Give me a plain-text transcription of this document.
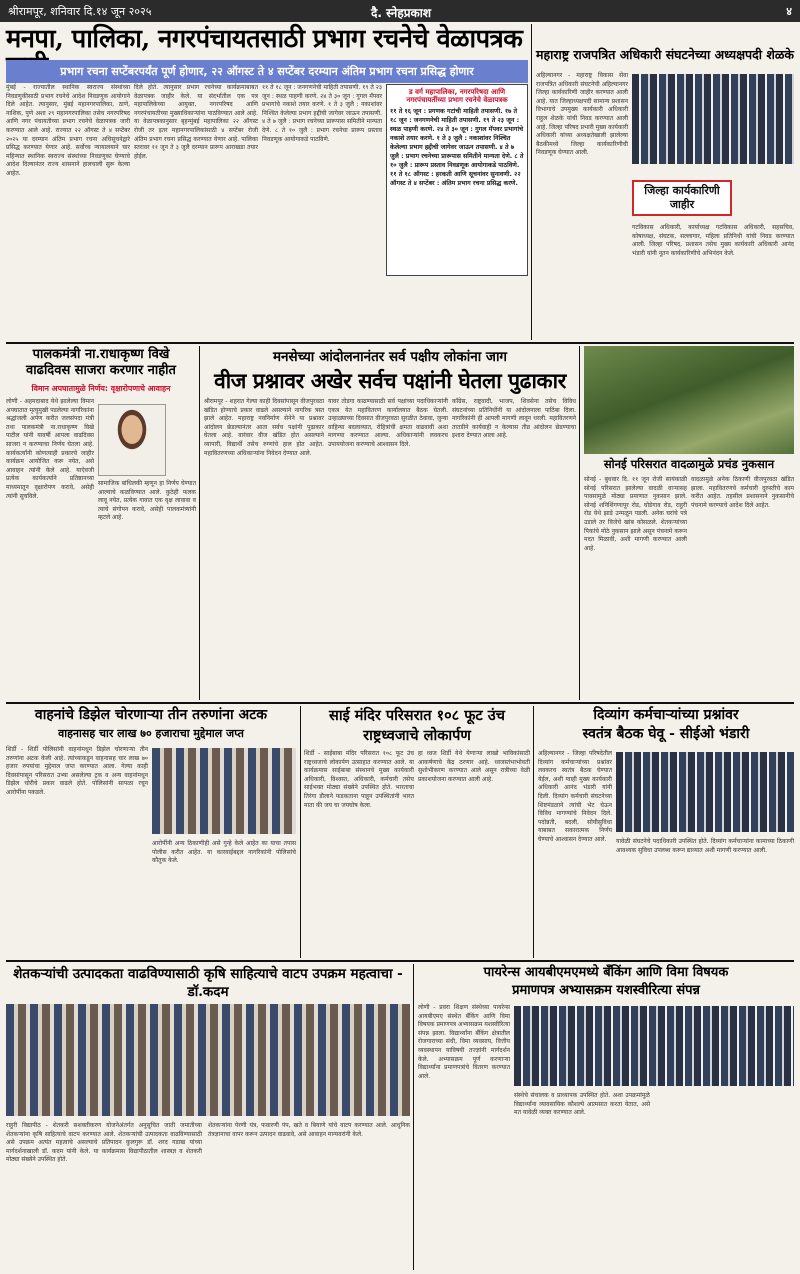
श्रीरामपूर, शनिवार दि.१४ जून २०२५	दै. स्नेहप्रकाश	४
मनपा, पालिका, नगरपंचायतसाठी प्रभाग रचनेचे वेळापत्रक
प्रभाग रचना सप्टेंबरपर्यंत पूर्ण होणार, २२ ऑगस्ट ते ४ सप्टेंबर दरम्यान अंतिम प्रभाग रचना प्रसिद्ध होणार

मुंबई - राज्यातील स्थानिक स्वराज्य संस्थांच्या निवडणुकीसाठी प्रभाग रचनेचे आदेश निवडणूक आयोगाने दिले आहेत. त्यानुसार, मुंबई महानगरपालिका, ठाणे, नाशिक, पुणे अशा २९ महानगरपालिका तसेच नगरपरिषद आणि नगर पंचायतीच्या प्रभाग रचनेचे वेळापत्रक जारी करण्यात आले आहे. राज्यात २२ ऑगस्ट ते ४ सप्टेंबर २०२५ या दरम्यान अंतिम प्रभाग रचना अधिसूचनेद्वारे प्रसिद्ध करण्यात येणार आहे. सर्वोच्च न्यायालयाने चार महिन्यात स्थानिक स्वराज्य संस्थांच्या निवडणुका घेण्याचे आदेश दिल्यानंतर राज्य शासनाने हालचाली सुरू केल्या आहेत.

दिले होते. त्यानुसार प्रभाग रचनेच्या कार्यक्रमाबाबत वेळापत्रक जाहीर केले. या संदर्भातील एक पत्र महापालिकेच्या आयुक्त, नगरपरिषद आणि नगरपंचायतीच्या मुख्याधिकाऱ्यांना पाठविण्यात आले आहे. या वेळापत्रकानुसार बृहन्मुंबई महापालिका २२ ऑगस्ट रोजी तर इतर महानगरपालिकांसाठी ४ सप्टेंबर रोजी अंतिम प्रभाग रचना प्रसिद्ध करण्यात येणार आहे. पालिका स्तरावर ११ जून ते ३ जुलै दरम्यान प्रारूप आराखडा तयार होईल.

११ ते १८ जून : जनगणनेची माहिती तपासणी. १९ ते २३ जून : स्थळ पाहणी करणे. २४ ते ३० जून : गुगल मॅपवर प्रभागांचे नकाशे तयार करणे. १ ते ३ जुलै : नकाशांवर निश्चित केलेल्या प्रभाग हद्दीची जागेवर जाऊन तपासणी. ४ ते ७ जुलै : प्रभाग रचनेच्या प्रारूपास समितीने मान्यता देणे. ८ ते १० जुलै : प्रभाग रचनेचा प्रारूप प्रस्ताव निवडणूक आयोगाकडे पाठविणे.

ड वर्ग महापालिका, नगरपरिषदा आणि नगरपंचायतींच्या प्रभाग रचनेचे वेळापत्रक
११ ते १६ जून : प्रगणक गटांची माहिती तपासणी. १७ ते १८ जून : जनगणनेची माहिती तपासणी. १९ ते २३ जून : स्थळ पाहणी करणे. २४ ते ३० जून : गुगल मॅपवर प्रभागांचे नकाशे तयार करणे. १ ते ३ जुलै : नकाशांवर निश्चित केलेल्या प्रभाग हद्दीची जागेवर जाऊन तपासणी. ४ ते ७ जुलै : प्रभाग रचनेच्या प्रारूपास समितीने मान्यता देणे. ८ ते १० जुलै : प्रारूप प्रस्ताव निवडणूक आयोगाकडे पाठविणे. ११ ते १८ ऑगस्ट : हरकती आणि सूचनांवर सुनावणी. २२ ऑगस्ट ते ४ सप्टेंबर : अंतिम प्रभाग रचना प्रसिद्ध करणे.
महाराष्ट्र राजपत्रित अधिकारी संघटनेच्या अध्यक्षपदी शेळके

अहिल्यानगर - महाराष्ट्र विकास सेवा राजपत्रित अधिकारी संघटनेची अहिल्यानगर जिल्हा कार्यकारिणी जाहीर करण्यात आली आहे. यात जिल्हाध्यक्षपदी सामान्य प्रशासन विभागाचे उपमुख्य कार्यकारी अधिकारी राहुल शेळके यांची निवड करण्यात आली आहे. जिल्हा परिषद प्रभारी मुख्य कार्यकारी अधिकारी यांच्या अध्यक्षतेखाली झालेल्या बैठकीमध्ये जिल्हा कार्यकारिणीची निवडणूक घेण्यात आली.

जिल्हा कार्यकारिणी जाहीर

गटविकास अधिकारी, कार्याध्यक्ष गटविकास अधिकारी, सहसचिव, कोषाध्यक्ष, संघटक, सल्लागार, महिला प्रतिनिधी यांची निवड करण्यात आली. जिल्हा परिषद, प्रशासन तसेच मुख्य कार्यकारी अधिकारी आनंद भंडारी यांनी नूतन कार्यकारिणीचे अभिनंदन केले.

पालकमंत्री ना.राधाकृष्ण विखे
वाढदिवस साजरा करणार नाहीत
विमान अपघातामुळे निर्णय: वृक्षारोपणाचे आवाहन

लोणी - अहमदाबाद येथे झालेल्या विमान अपघातात मृत्युमुखी पडलेल्या नागरिकांना श्रद्धांजली अर्पण करीत जलसंपदा मंत्री तथा पालकमंत्री ना.राधाकृष्ण विखे पाटील यांनी यावर्षी आपला वाढदिवस साजरा न करण्याचा निर्णय घेतला आहे. कार्यकर्त्यांनी कोणत्याही प्रकारचे जाहीर कार्यक्रम आयोजित करू नयेत, असे आवाहन त्यांनी केले आहे. याऐवजी प्रत्येक कार्यकर्त्याने प्रतिष्ठानच्या माध्यमातून वृक्षारोपण करावे, असेही त्यांनी सुचविले.

सामाजिक बांधिलकी म्हणून हा निर्णय घेण्यात आल्याचे कळविण्यात आले. कुठेही फलक लावू नयेत, प्रत्येक गावात एक वृक्ष लावावा व त्याचे संगोपन करावे, असेही पालकमंत्र्यांनी म्हटले आहे.

मनसेच्या आंदोलनानंतर सर्व पक्षीय लोकांना जाग
वीज प्रश्नावर अखेर सर्वच पक्षांनी घेतला पुढाकार

श्रीरामपूर - शहरात गेल्या काही दिवसांपासून वीजपुरवठा खंडित होण्याचे प्रकार वाढले असल्याने नागरिक त्रस्त झाले आहेत. महाराष्ट्र नवनिर्माण सेनेने या प्रश्नावर आंदोलन छेडल्यानंतर आता सर्वच पक्षांनी पुढाकार घेतला आहे. वारंवार वीज खंडित होत असल्याने व्यापारी, विद्यार्थी तसेच रुग्णांचे हाल होत आहेत. महावितरणच्या अधिकाऱ्यांना निवेदन देण्यात आले.

यावर तोडगा काढण्यासाठी सर्व पक्षांच्या पदाधिकाऱ्यांनी एकत्र येत महावितरण कार्यालयात बैठक घेतली. उन्हाळ्याच्या दिवसात वीजपुरवठा सुरळीत ठेवावा, जुन्या वाहिन्या बदलाव्यात, रोहित्रांची क्षमता वाढवावी अशा मागण्या करण्यात आल्या. अधिकाऱ्यांनी लवकरच उपाययोजना करण्याचे आश्वासन दिले.

कॉंग्रेस, राष्ट्रवादी, भाजप, शिवसेना तसेच विविध संघटनांच्या प्रतिनिधींनी या आंदोलनाला पाठिंबा दिला. नागरिकांनी ही आपली मागणी लावून धरली. महावितरणने तातडीने कार्यवाही न केल्यास तीव्र आंदोलन छेडण्याचा इशारा देण्यात आला आहे.

सोनई परिसरात वादळामुळे प्रचंड नुकसान

सोनई - बुधवार दि. ११ जून रोजी सायंकाळी सोनई परिसरात झालेल्या वादळी वाऱ्यासह पावसामुळे मोठ्या प्रमाणात नुकसान झाले. सोनई शनिशिंगणापूर रोड, घोडेगाव रोड, राहुरी रोड येथे झाडे उन्मळून पडली. अनेक घरांचे पत्रे उडाले तर विजेचे खांब कोसळले. शेतकऱ्यांच्या पिकांचे मोठे नुकसान झाले असून पंचनामे करून मदत मिळावी, अशी मागणी करण्यात आली आहे.

वादळामुळे अनेक ठिकाणी वीजपुरवठा खंडित झाला. महावितरणचे कर्मचारी दुरुस्तीचे काम करीत आहेत. तहसील प्रशासनाने नुकसानीचे पंचनामे करण्याचे आदेश दिले आहेत.

वाहनांचे डिझेल चोरणाऱ्या तीन तरुणांना अटक
वाहनासह चार लाख ७० हजाराचा मुद्देमाल जप्त

शिर्डी - शिर्डी पोलिसांनी वाहनांमधून डिझेल चोरणाऱ्या तीन तरुणांना अटक केली आहे. त्यांच्याकडून वाहनासह चार लाख ७० हजार रुपयांचा मुद्देमाल जप्त करण्यात आला. गेल्या काही दिवसांपासून परिसरात उभ्या असलेल्या ट्रक व अन्य वाहनांमधून डिझेल चोरीचे प्रकार वाढले होते. पोलिसांनी सापळा रचून आरोपींना पकडले.

आरोपींनी अन्य ठिकाणीही असे गुन्हे केले आहेत का याचा तपास पोलीस करीत आहेत. या कारवाईबद्दल नागरिकांनी पोलिसांचे कौतुक केले.

साई मंदिर परिसरात १०८ फूट उंच
राष्ट्रध्वजाचे लोकार्पण

शिर्डी - साईबाबा मंदिर परिसरात १०८ फूट उंच राष्ट्रध्वजाचे लोकार्पण उत्साहात करण्यात आले. या कार्यक्रमास साईबाबा संस्थानचे मुख्य कार्यकारी अधिकारी, विश्वस्त, अधिकारी, कर्मचारी तसेच साईभक्त मोठ्या संख्येने उपस्थित होते. भारताचा तिरंगा डौलाने फडकताना पाहून उपस्थितांनी भारत माता की जय चा जयघोष केला.

हा ध्वज शिर्डी येथे येणाऱ्या लाखो भाविकांसाठी आकर्षणाचे केंद्र ठरणार आहे. ध्वजस्तंभाभोवती सुशोभीकरण करण्यात आले असून रात्रीच्या वेळी प्रकाशयोजना करण्यात आली आहे.

दिव्यांग कर्मचाऱ्यांच्या प्रश्नांवर
स्वतंत्र बैठक घेवू - सीईओ भंडारी

अहिल्यानगर - जिल्हा परिषदेतील दिव्यांग कर्मचाऱ्यांच्या प्रश्नांवर लवकरच स्वतंत्र बैठक घेण्यात येईल, अशी ग्वाही मुख्य कार्यकारी अधिकारी आनंद भंडारी यांनी दिली. दिव्यांग कर्मचारी संघटनेच्या शिष्टमंडळाने त्यांची भेट घेऊन विविध मागण्यांचे निवेदन दिले. पदोन्नती, बदली, सोयीसुविधा याबाबत सकारात्मक निर्णय घेण्याचे आश्वासन देण्यात आले.	यावेळी संघटनेचे पदाधिकारी उपस्थित होते. दिव्यांग कर्मचाऱ्यांना कामाच्या ठिकाणी आवश्यक सुविधा उपलब्ध करून द्याव्यात अशी मागणी करण्यात आली.

शेतकऱ्यांची उत्पादकता वाढविण्यासाठी कृषि साहित्याचे वाटप उपक्रम महत्वाचा - डॉ.कदम

राहुरी विद्यापीठ - शेतकरी सशक्तीकरण योजनेअंतर्गत अनुसूचित जाती जमातीच्या शेतकऱ्यांना कृषि साहित्याचे वाटप करण्यात आले. शेतकऱ्यांची उत्पादकता वाढविण्यासाठी असे उपक्रम अत्यंत महत्वाचे असल्याचे प्रतिपादन कुलगुरू डॉ. शरद गडाख यांच्या मार्गदर्शनाखाली डॉ. कदम यांनी केले. या कार्यक्रमास विद्यापीठातील शास्त्रज्ञ व शेतकरी मोठ्या संख्येने उपस्थित होते.

शेतकऱ्यांना पेरणी यंत्र, फवारणी पंप, खते व बियाणे यांचे वाटप करण्यात आले. आधुनिक तंत्रज्ञानाचा वापर करून उत्पादन वाढवावे, असे आवाहन मान्यवरांनी केले.

पायरेन्स आयबीएमएमध्ये बँकिंग आणि विमा विषयक
प्रमाणपत्र अभ्यासक्रम यशस्वीरित्या संपन्न

लोणी - प्रवरा शिक्षण संस्थेच्या पायरेन्स आयबीएमए संस्थेत बँकिंग आणि विमा विषयक प्रमाणपत्र अभ्यासक्रम यशस्वीरित्या संपन्न झाला. विद्यार्थ्यांना बँकिंग क्षेत्रातील रोजगाराच्या संधी, विमा व्यवसाय, वित्तीय व्यवस्थापन याविषयी तज्ज्ञांनी मार्गदर्शन केले. अभ्यासक्रम पूर्ण करणाऱ्या विद्यार्थ्यांना प्रमाणपत्रांचे वितरण करण्यात आले.

संस्थेचे संचालक व प्राध्यापक उपस्थित होते. अशा उपक्रमांमुळे विद्यार्थ्यांना व्यावसायिक कौशल्ये आत्मसात करता येतात, असे मत यावेळी व्यक्त करण्यात आले.
